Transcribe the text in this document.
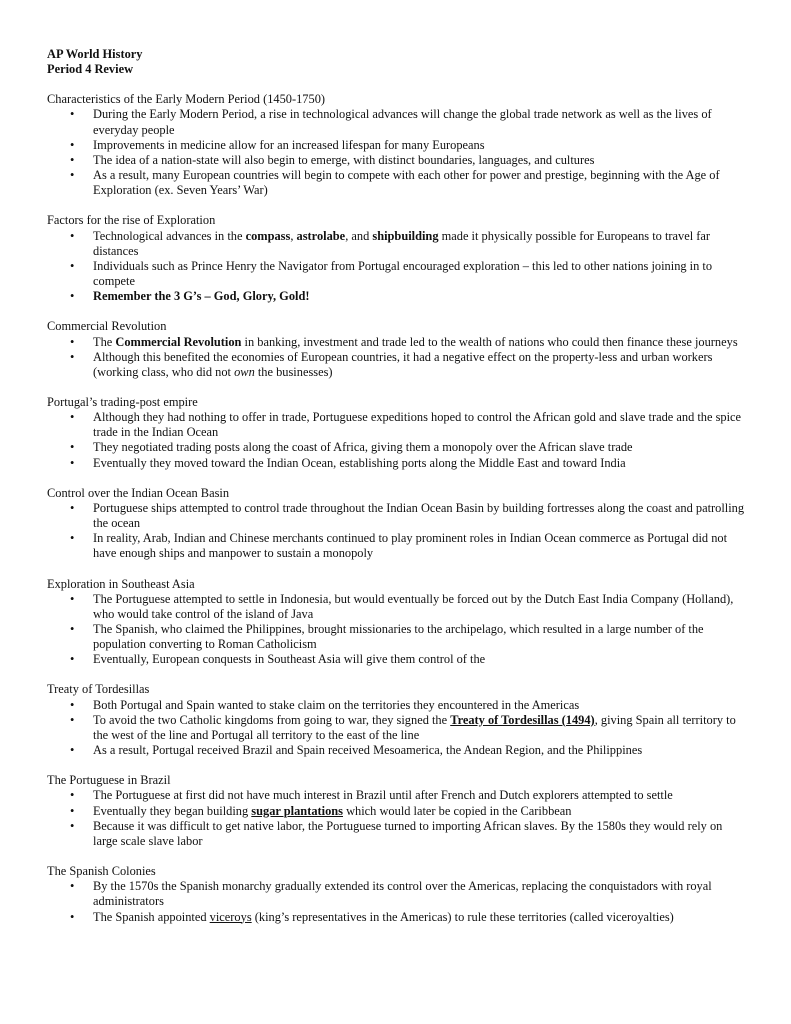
AP World History
Period 4 Review
Characteristics of the Early Modern Period (1450-1750)
• During the Early Modern Period, a rise in technological advances will change the global trade network as well as the lives of everyday people
• Improvements in medicine allow for an increased lifespan for many Europeans
• The idea of a nation-state will also begin to emerge, with distinct boundaries, languages, and cultures
• As a result, many European countries will begin to compete with each other for power and prestige, beginning with the Age of Exploration (ex. Seven Years’ War)
Factors for the rise of Exploration
• Technological advances in the compass, astrolabe, and shipbuilding made it physically possible for Europeans to travel far distances
• Individuals such as Prince Henry the Navigator from Portugal encouraged exploration – this led to other nations joining in to compete
• Remember the 3 G’s – God, Glory, Gold!
Commercial Revolution
• The Commercial Revolution in banking, investment and trade led to the wealth of nations who could then finance these journeys
• Although this benefited the economies of European countries, it had a negative effect on the property-less and urban workers (working class, who did not own the businesses)
Portugal’s trading-post empire
• Although they had nothing to offer in trade, Portuguese expeditions hoped to control the African gold and slave trade and the spice trade in the Indian Ocean
• They negotiated trading posts along the coast of Africa, giving them a monopoly over the African slave trade
• Eventually they moved toward the Indian Ocean, establishing ports along the Middle East and toward India
Control over the Indian Ocean Basin
• Portuguese ships attempted to control trade throughout the Indian Ocean Basin by building fortresses along the coast and patrolling the ocean
• In reality, Arab, Indian and Chinese merchants continued to play prominent roles in Indian Ocean commerce as Portugal did not have enough ships and manpower to sustain a monopoly
Exploration in Southeast Asia
• The Portuguese attempted to settle in Indonesia, but would eventually be forced out by the Dutch East India Company (Holland), who would take control of the island of Java
• The Spanish, who claimed the Philippines, brought missionaries to the archipelago, which resulted in a large number of the population converting to Roman Catholicism
• Eventually, European conquests in Southeast Asia will give them control of the
Treaty of Tordesillas
• Both Portugal and Spain wanted to stake claim on the territories they encountered in the Americas
• To avoid the two Catholic kingdoms from going to war, they signed the Treaty of Tordesillas (1494), giving Spain all territory to the west of the line and Portugal all territory to the east of the line
• As a result, Portugal received Brazil and Spain received Mesoamerica, the Andean Region, and the Philippines
The Portuguese in Brazil
• The Portuguese at first did not have much interest in Brazil until after French and Dutch explorers attempted to settle
• Eventually they began building sugar plantations which would later be copied in the Caribbean
• Because it was difficult to get native labor, the Portuguese turned to importing African slaves. By the 1580s they would rely on large scale slave labor
The Spanish Colonies
• By the 1570s the Spanish monarchy gradually extended its control over the Americas, replacing the conquistadors with royal administrators
• The Spanish appointed viceroys (king’s representatives in the Americas) to rule these territories (called viceroyalties)
